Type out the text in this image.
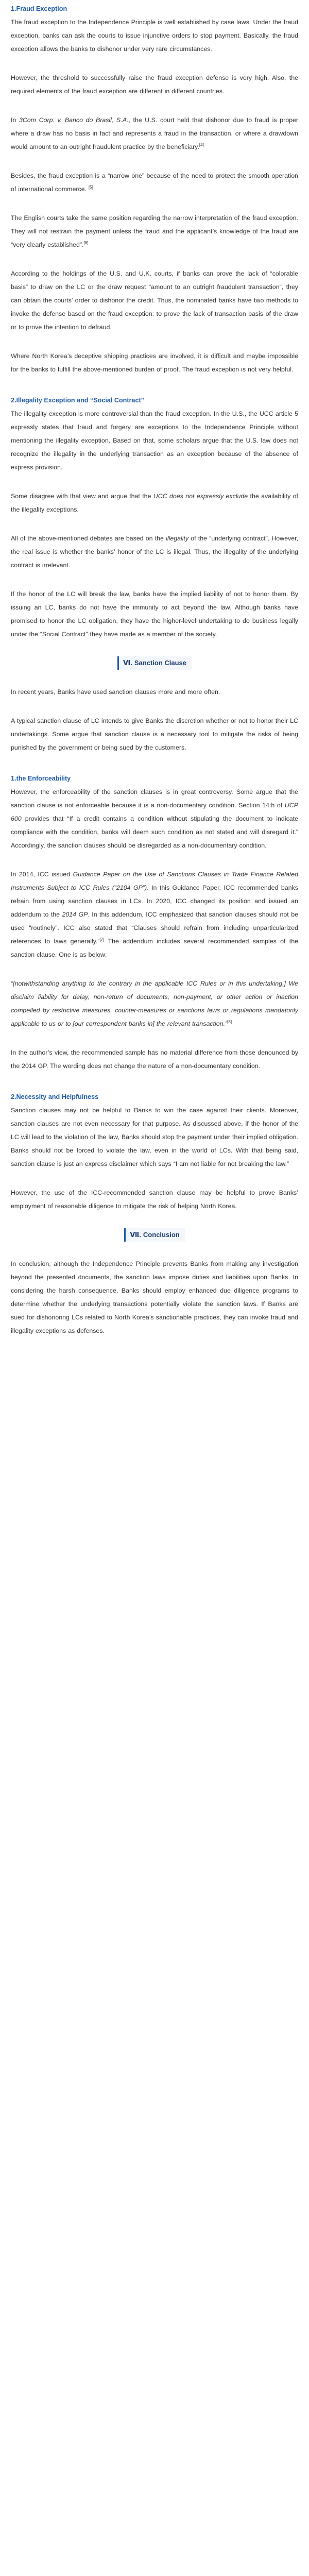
1.Fraud Exception

The fraud exception to the Independence Principle is well established by case laws. Under the fraud exception, banks can ask the courts to issue injunctive orders to stop payment. Basically, the fraud exception allows the banks to dishonor under very rare circumstances.

However, the threshold to successfully raise the fraud exception defense is very high. Also, the required elements of the fraud exception are different in different countries.

In 3Com Corp. v. Banco do Brasil, S.A., the U.S. court held that dishonor due to fraud is proper where a draw has no basis in fact and represents a fraud in the transaction, or where a drawdown would amount to an outright fraudulent practice by the beneficiary.[4]

Besides, the fraud exception is a “narrow one” because of the need to protect the smooth operation of international commerce. [5]

The English courts take the same position regarding the narrow interpretation of the fraud exception. They will not restrain the payment unless the fraud and the applicant’s knowledge of the fraud are “very clearly established”.[6]

According to the holdings of the U.S. and U.K. courts, if banks can prove the lack of “colorable basis” to draw on the LC or the draw request “amount to an outright fraudulent transaction”, they can obtain the courts’ order to dishonor the credit. Thus, the nominated banks have two methods to invoke the defense based on the fraud exception: to prove the lack of transaction basis of the draw or to prove the intention to defraud.

Where North Korea’s deceptive shipping practices are involved, it is difficult and maybe impossible for the banks to fulfill the above-mentioned burden of proof. The fraud exception is not very helpful.

2.Illegality Exception and “Social Contract”

The illegality exception is more controversial than the fraud exception. In the U.S., the UCC article 5 expressly states that fraud and forgery are exceptions to the Independence Principle without mentioning the illegality exception. Based on that, some scholars argue that the U.S. law does not recognize the illegality in the underlying transaction as an exception because of the absence of express provision.

Some disagree with that view and argue that the UCC does not expressly exclude the availability of the illegality exceptions.

All of the above-mentioned debates are based on the illegality of the “underlying contract”. However, the real issue is whether the banks’ honor of the LC is illegal. Thus, the illegality of the underlying contract is irrelevant.

If the honor of the LC will break the law, banks have the implied liability of not to honor them. By issuing an LC, banks do not have the immunity to act beyond the law. Although banks have promised to honor the LC obligation, they have the higher-level undertaking to do business legally under the “Social Contract” they have made as a member of the society.

Ⅵ. Sanction Clause

In recent years, Banks have used sanction clauses more and more often.

A typical sanction clause of LC intends to give Banks the discretion whether or not to honor their LC undertakings. Some argue that sanction clause is a necessary tool to mitigate the risks of being punished by the government or being sued by the customers.

1.the Enforceability

However, the enforceability of the sanction clauses is in great controversy. Some argue that the sanction clause is not enforceable because it is a non-documentary condition. Section 14:h of UCP 600 provides that “If a credit contains a condition without stipulating the document to indicate compliance with the condition, banks will deem such condition as not stated and will disregard it.” Accordingly, the sanction clauses should be disregarded as a non-documentary condition.

In 2014, ICC issued Guidance Paper on the Use of Sanctions Clauses in Trade Finance Related Instruments Subject to ICC Rules (“2104 GP”). In this Guidance Paper, ICC recommended banks refrain from using sanction clauses in LCs. In 2020, ICC changed its position and issued an addendum to the 2014 GP. In this addendum, ICC emphasized that sanction clauses should not be used “routinely”. ICC also stated that “Clauses should refrain from including unparticularized references to laws generally.”[7] The addendum includes several recommended samples of the sanction clause. One is as below:

“[notwithstanding anything to the contrary in the applicable ICC Rules or in this undertaking,] We disclaim liability for delay, non-return of documents, non-payment, or other action or inaction compelled by restrictive measures, counter-measures or sanctions laws or regulations mandatorily applicable to us or to [our correspondent banks in] the relevant transaction.”[8]

In the author’s view, the recommended sample has no material difference from those denounced by the 2014 GP. The wording does not change the nature of a non-documentary condition.

2.Necessity and Helpfulness

Sanction clauses may not be helpful to Banks to win the case against their clients. Moreover, sanction clauses are not even necessary for that purpose. As discussed above, if the honor of the LC will lead to the violation of the law, Banks should stop the payment under their implied obligation. Banks should not be forced to violate the law, even in the world of LCs. With that being said, sanction clause is just an express disclaimer which says “I am not liable for not breaking the law.”

However, the use of the ICC-recommended sanction clause may be helpful to prove Banks’ employment of reasonable diligence to mitigate the risk of helping North Korea.

Ⅶ. Conclusion

In conclusion, although the Independence Principle prevents Banks from making any investigation beyond the presented documents, the sanction laws impose duties and liabilities upon Banks. In considering the harsh consequence, Banks should employ enhanced due diligence programs to determine whether the underlying transactions potentially violate the sanction laws. If Banks are sued for dishonoring LCs related to North Korea’s sanctionable practices, they can invoke fraud and illegality exceptions as defenses.
